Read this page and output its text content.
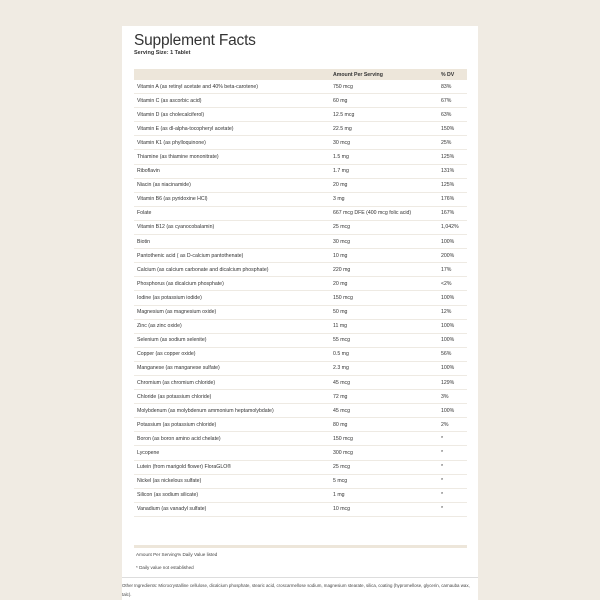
Supplement Facts
Serving Size: 1 Tablet
	Amount Per Serving	% DV
Vitamin A (as retinyl acetate and 40% beta-carotene)	750 mcg	83%
Vitamin C (as ascorbic acid)	60 mg	67%
Vitamin D (as cholecalciferol)	12.5 mcg	63%
Vitamin E (as dl-alpha-tocopheryl acetate)	22.5 mg	150%
Vitamin K1 (as phylloquinone)	30 mcg	25%
Thiamine (as thiamine mononitrate)	1.5 mg	125%
Riboflavin	1.7 mg	131%
Niacin (as niacinamide)	20 mg	125%
Vitamin B6 (as pyridoxine HCl)	3 mg	176%
Folate	667 mcg DFE (400 mcg folic acid)	167%
Vitamin B12 (as cyanocobalamin)	25 mcg	1,042%
Biotin	30 mcg	100%
Pantothenic acid ( as D-calcium pantothenate)	10 mg	200%
Calcium (as calcium carbonate and dicalcium phosphate)	220 mg	17%
Phosphorus (as dicalcium phosphate)	20 mg	<2%
Iodine (as potassium iodide)	150 mcg	100%
Magnesium (as magnesium oxide)	50 mg	12%
Zinc (as zinc oxide)	11 mg	100%
Selenium (as sodium selenite)	55 mcg	100%
Copper (as copper oxide)	0.5 mg	56%
Manganese (as manganese sulfate)	2.3 mg	100%
Chromium (as chromium chloride)	45 mcg	129%
Chloride (as potassium chloride)	72 mg	3%
Molybdenum (as molybdenum ammonium heptamolybdate)	45 mcg	100%
Potassium (as potassium chloride)	80 mg	2%
Boron (as boron amino acid chelate)	150 mcg	*
Lycopene	300 mcg	*
Lutein (from marigold flower) FloraGLO®	25 mcg	*
Nickel (as nickelous sulfate)	5 mcg	*
Silicon (as sodium silicate)	1 mg	*
Vanadium (as vanadyl sulfate)	10 mcg	*
Amount Per Serving% Daily Value listed
* Daily value not established
Other Ingredients: Microcrystalline cellulose, dicalcium phosphate, stearic acid, croscarmellose sodium, magnesium stearate, silica, coating (hypromellose, glycerin, carnauba wax, talc).
